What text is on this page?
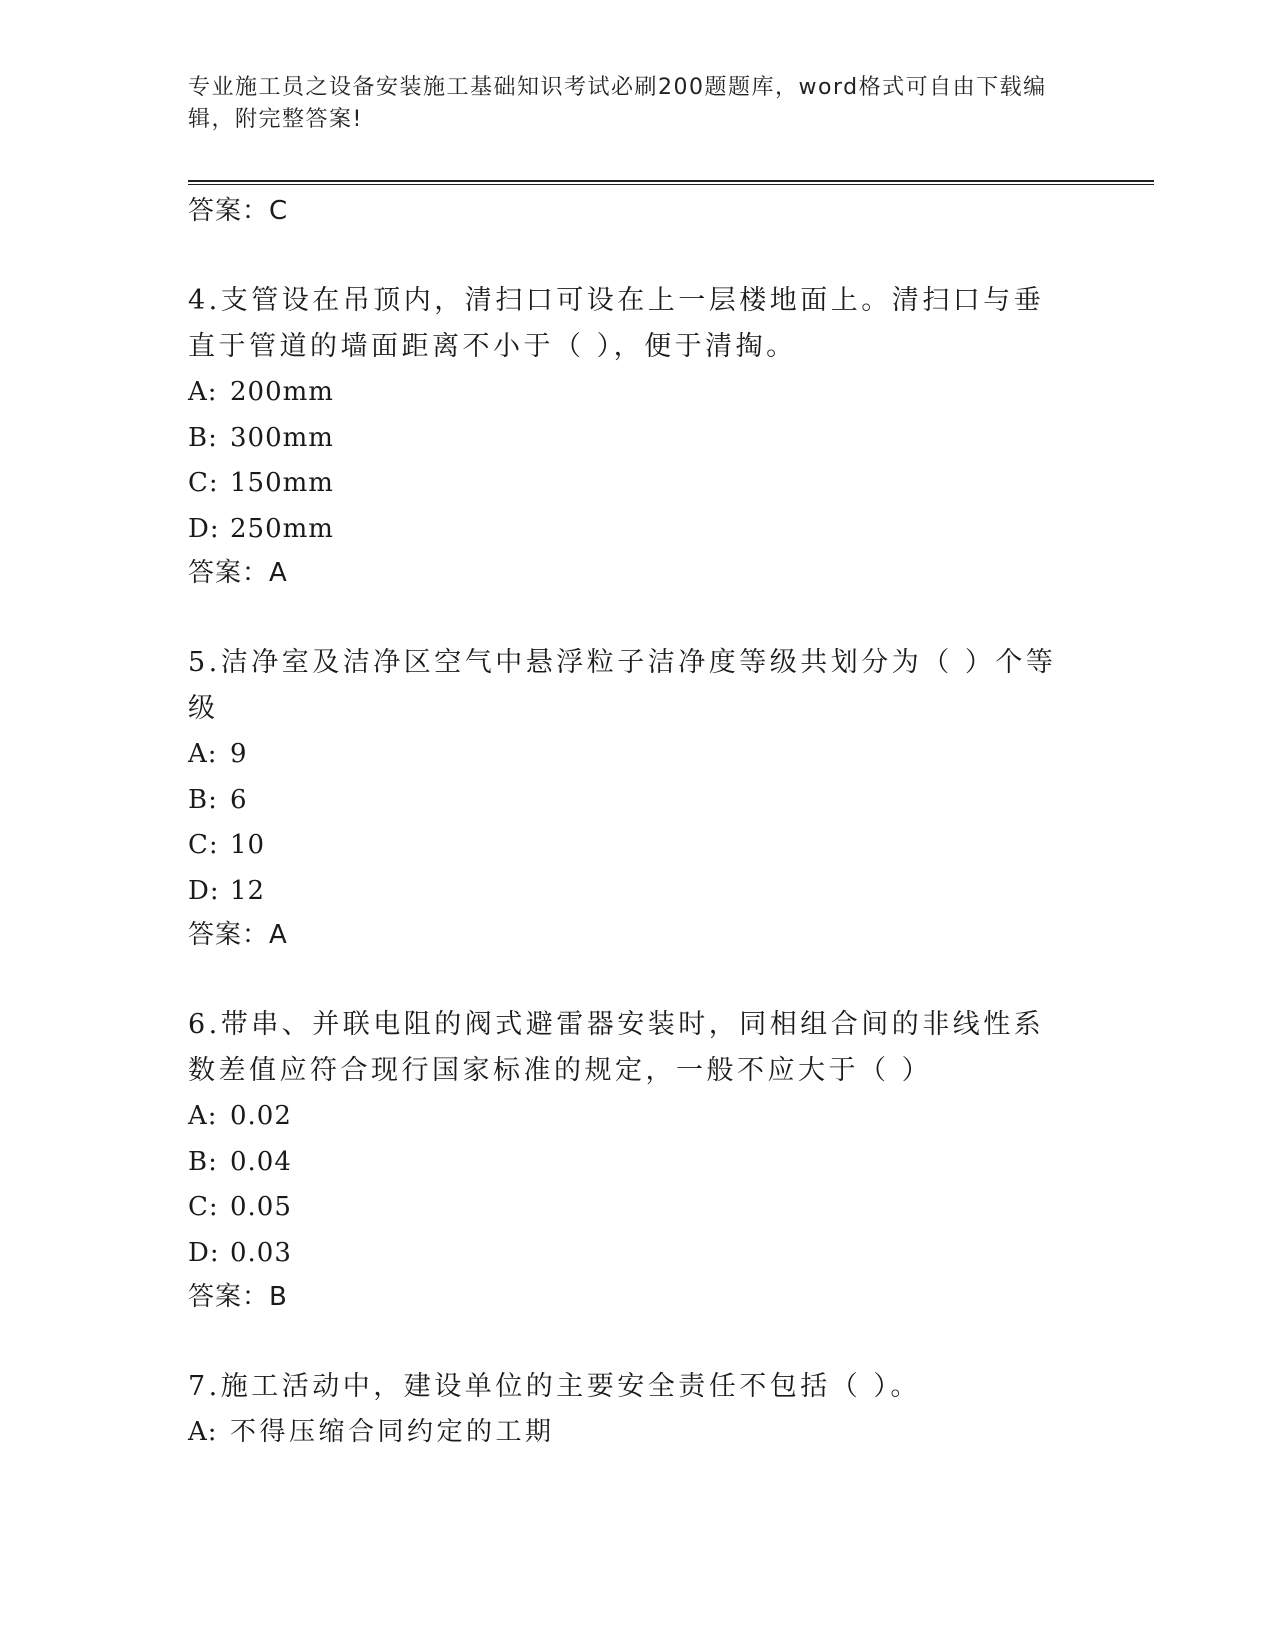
专业施工员之设备安装施工基础知识考试必刷200题题库，word格式可自由下载编辑，附完整答案!

答案：C

4.支管设在吊顶内，清扫口可设在上一层楼地面上。清扫口与垂直于管道的墙面距离不小于（ ），便于清掏。

A: 200mm

B: 300mm

C: 150mm

D: 250mm

答案：A

5.洁净室及洁净区空气中悬浮粒子洁净度等级共划分为（ ）个等级

A: 9

B: 6

C: 10

D: 12

答案：A

6.带串、并联电阻的阀式避雷器安装时，同相组合间的非线性系数差值应符合现行国家标准的规定，一般不应大于（ ）

A: 0.02

B: 0.04

C: 0.05

D: 0.03

答案：B

7.施工活动中，建设单位的主要安全责任不包括（ ）。

A: 不得压缩合同约定的工期
